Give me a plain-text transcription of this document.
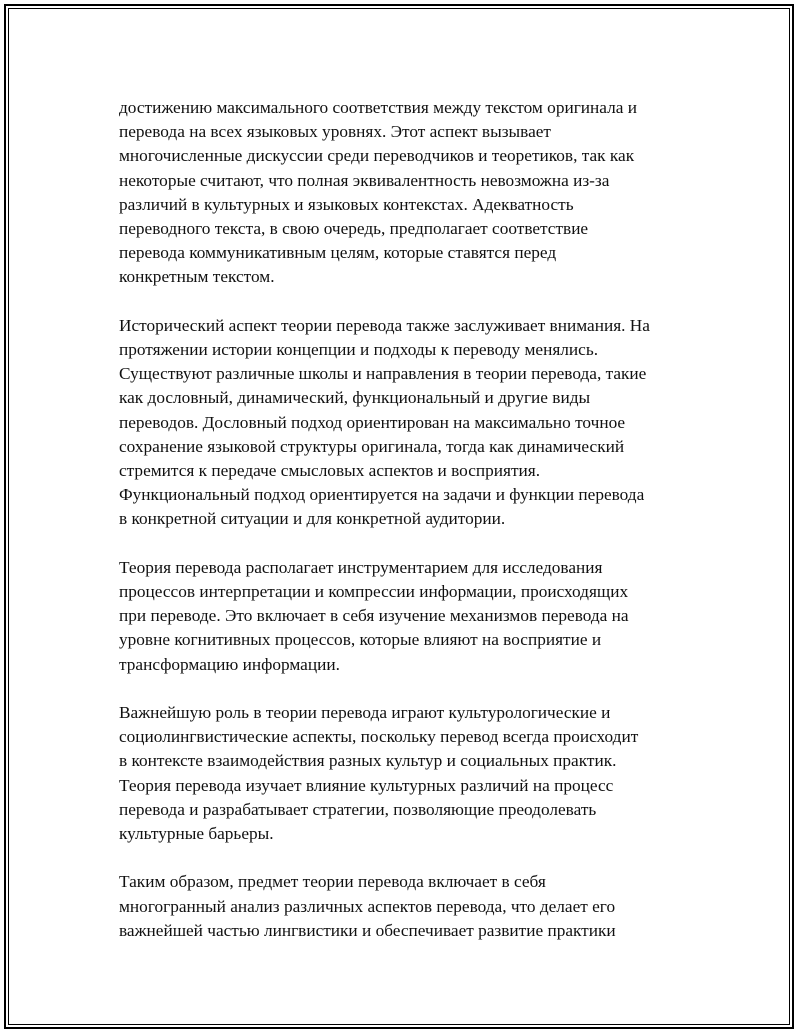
достижению максимального соответствия между текстом оригинала и
перевода на всех языковых уровнях. Этот аспект вызывает
многочисленные дискуссии среди переводчиков и теоретиков, так как
некоторые считают, что полная эквивалентность невозможна из-за
различий в культурных и языковых контекстах. Адекватность
переводного текста, в свою очередь, предполагает соответствие
перевода коммуникативным целям, которые ставятся перед
конкретным текстом.

Исторический аспект теории перевода также заслуживает внимания. На
протяжении истории концепции и подходы к переводу менялись.
Существуют различные школы и направления в теории перевода, такие
как дословный, динамический, функциональный и другие виды
переводов. Дословный подход ориентирован на максимально точное
сохранение языковой структуры оригинала, тогда как динамический
стремится к передаче смысловых аспектов и восприятия.
Функциональный подход ориентируется на задачи и функции перевода
в конкретной ситуации и для конкретной аудитории.

Теория перевода располагает инструментарием для исследования
процессов интерпретации и компрессии информации, происходящих
при переводе. Это включает в себя изучение механизмов перевода на
уровне когнитивных процессов, которые влияют на восприятие и
трансформацию информации.

Важнейшую роль в теории перевода играют культурологические и
социолингвистические аспекты, поскольку перевод всегда происходит
в контексте взаимодействия разных культур и социальных практик.
Теория перевода изучает влияние культурных различий на процесс
перевода и разрабатывает стратегии, позволяющие преодолевать
культурные барьеры.

Таким образом, предмет теории перевода включает в себя
многогранный анализ различных аспектов перевода, что делает его
важнейшей частью лингвистики и обеспечивает развитие практики
